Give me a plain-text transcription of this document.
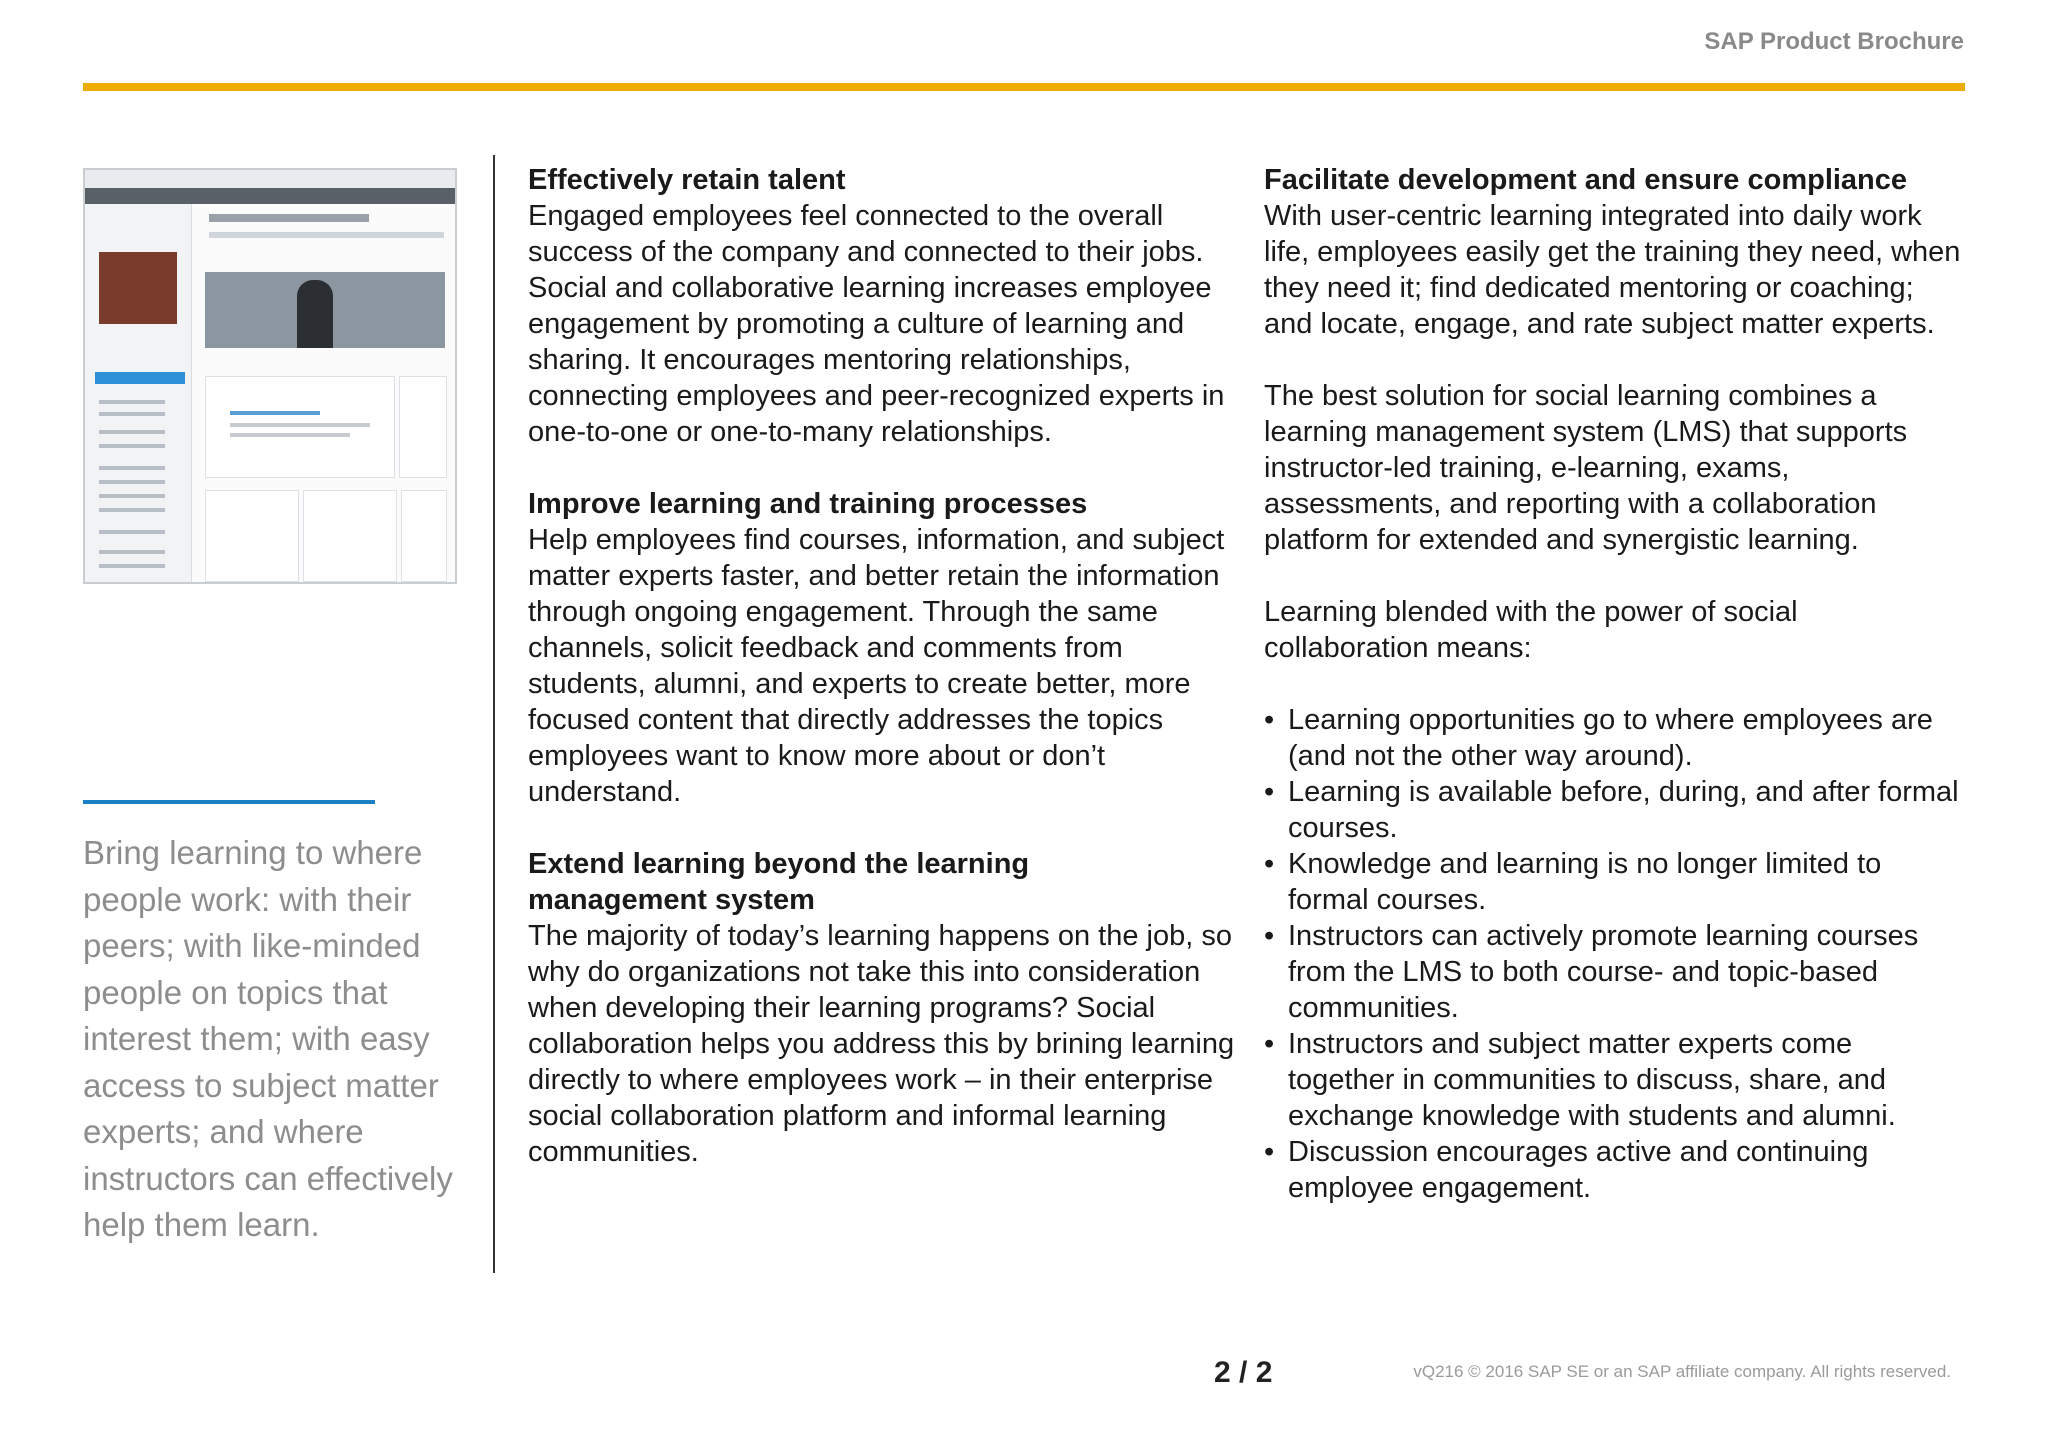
SAP Product Brochure
Bring learning to where people work: with their peers; with like-minded people on topics that interest them; with easy access to subject matter experts; and where instructors can effectively help them learn.
Effectively retain talent
Engaged employees feel connected to the overall success of the company and connected to their jobs. Social and collaborative learning increases employee engagement by promoting a culture of learning and sharing. It encourages mentoring relationships, connecting employees and peer-recognized experts in one-to-one or one-to-many relationships.
Improve learning and training processes
Help employees find courses, information, and subject matter experts faster, and better retain the information through ongoing engagement. Through the same channels, solicit feedback and comments from students, alumni, and experts to create better, more focused content that directly addresses the topics employees want to know more about or don’t understand.
Extend learning beyond the learning management system
The majority of today’s learning happens on the job, so why do organizations not take this into consideration when developing their learning programs? Social collaboration helps you address this by brining learning directly to where employees work – in their enterprise social collaboration platform and informal learning communities.
Facilitate development and ensure compliance
With user-centric learning integrated into daily work life, employees easily get the training they need, when they need it; find dedicated mentoring or coaching; and locate, engage, and rate subject matter experts.
The best solution for social learning combines a learning management system (LMS) that supports instructor-led training, e-learning, exams, assessments, and reporting with a collaboration platform for extended and synergistic learning.
Learning blended with the power of social collaboration means:
• Learning opportunities go to where employees are (and not the other way around).
• Learning is available before, during, and after formal courses.
• Knowledge and learning is no longer limited to formal courses.
• Instructors can actively promote learning courses from the LMS to both course- and topic-based communities.
• Instructors and subject matter experts come together in communities to discuss, share, and exchange knowledge with students and alumni.
• Discussion encourages active and continuing employee engagement.
2 / 2	vQ216 © 2016 SAP SE or an SAP affiliate company. All rights reserved.
